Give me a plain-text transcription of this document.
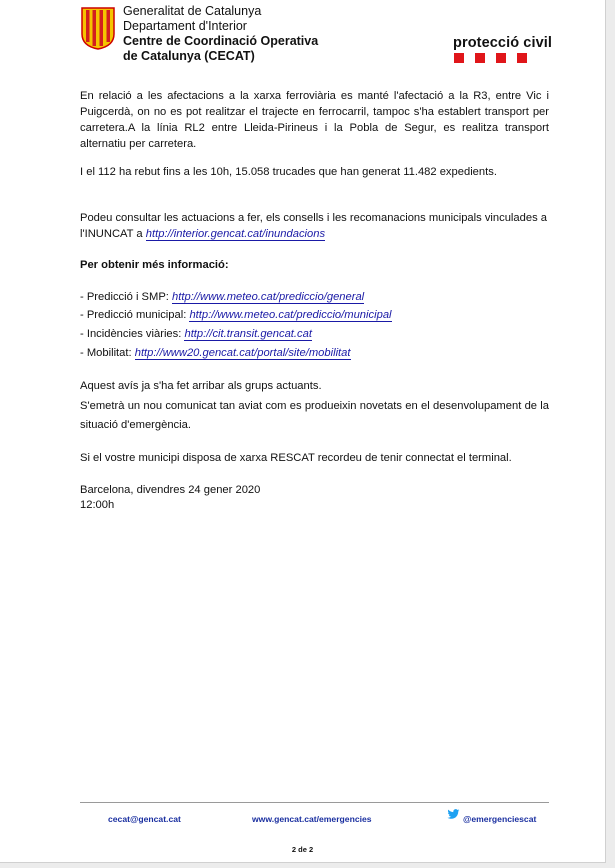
Generalitat de Catalunya
Departament d'Interior
Centre de Coordinació Operativa
de Catalunya (CECAT)
protecció civil
En relació a les afectacions a la xarxa ferroviària es manté l'afectació a la R3, entre Vic i Puigcerdà, on no es pot realitzar el trajecte en ferrocarril, tampoc s'ha establert transport per carretera.A la línia RL2 entre Lleida-Pirineus i la Pobla de Segur, es realitza transport alternatiu per carretera.
I el 112 ha rebut fins a les 10h, 15.058 trucades que han generat 11.482 expedients.
Podeu consultar les actuacions a fer, els consells i les recomanacions municipals vinculades a l'INUNCAT a http://interior.gencat.cat/inundacions
Per obtenir més informació:
- Predicció i SMP: http://www.meteo.cat/prediccio/general
- Predicció municipal: http://www.meteo.cat/prediccio/municipal
- Incidències viàries: http://cit.transit.gencat.cat
- Mobilitat: http://www20.gencat.cat/portal/site/mobilitat
Aquest avís ja s'ha fet arribar als grups actuants.
S'emetrà un nou comunicat tan aviat com es produeixin novetats en el desenvolupament de la situació d'emergència.
Si el vostre municipi disposa de xarxa RESCAT recordeu de tenir connectat el terminal.
Barcelona, divendres 24 gener 2020
12:00h
cecat@gencat.cat	www.gencat.cat/emergencies	@emergenciescat
2 de 2
